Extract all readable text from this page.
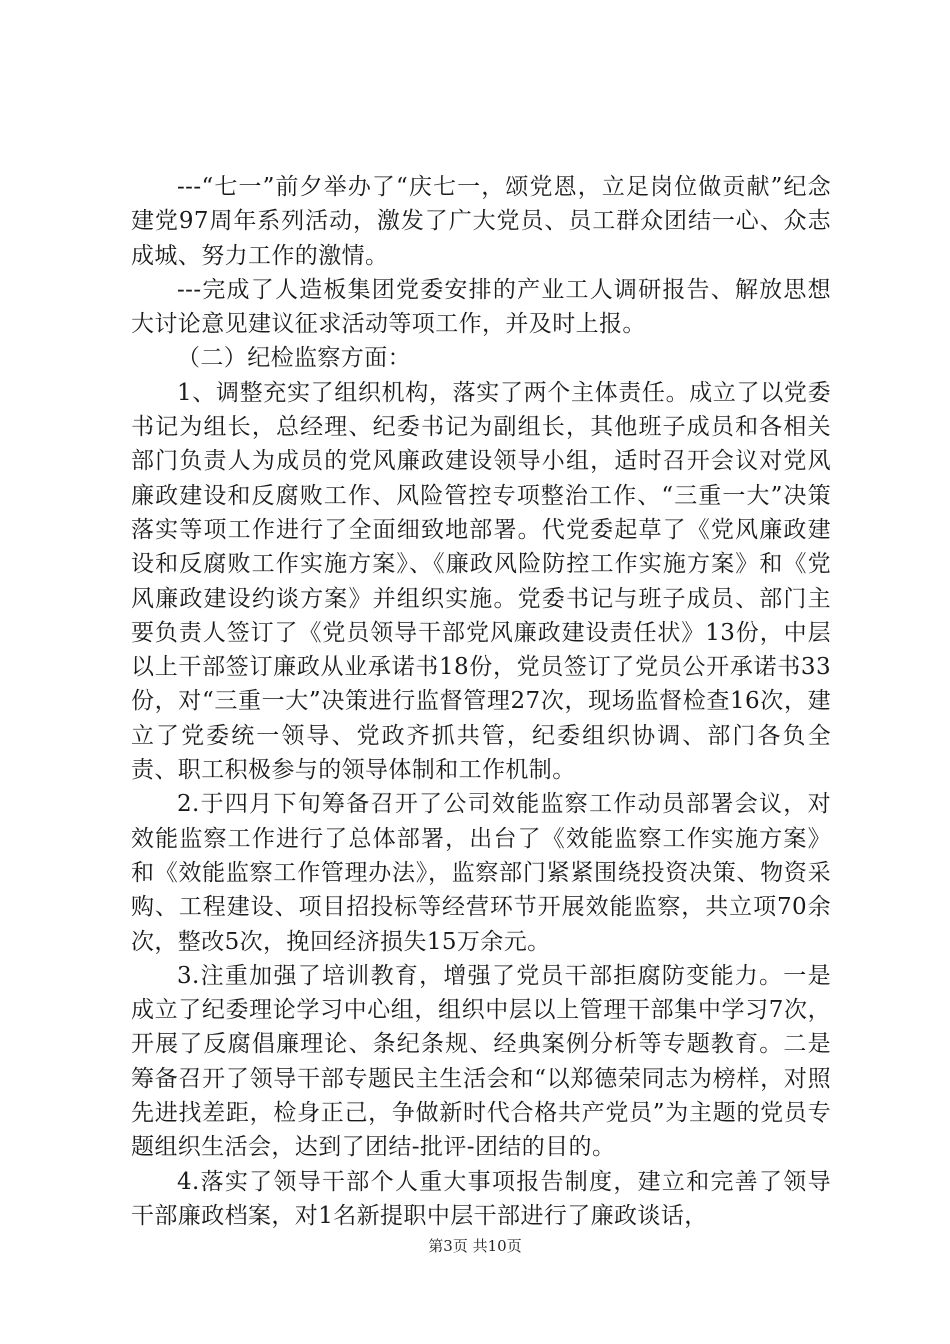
---“七一”前夕举办了“庆七一，颂党恩，立足岗位做贡献”纪念建党97周年系列活动，激发了广大党员、员工群众团结一心、众志成城、努力工作的激情。

---完成了人造板集团党委安排的产业工人调研报告、解放思想大讨论意见建议征求活动等项工作，并及时上报。

（二）纪检监察方面：

1、调整充实了组织机构，落实了两个主体责任。成立了以党委书记为组长，总经理、纪委书记为副组长，其他班子成员和各相关部门负责人为成员的党风廉政建设领导小组，适时召开会议对党风廉政建设和反腐败工作、风险管控专项整治工作、“三重一大”决策落实等项工作进行了全面细致地部署。代党委起草了《党风廉政建设和反腐败工作实施方案》、《廉政风险防控工作实施方案》和《党风廉政建设约谈方案》并组织实施。党委书记与班子成员、部门主要负责人签订了《党员领导干部党风廉政建设责任状》13份，中层以上干部签订廉政从业承诺书18份，党员签订了党员公开承诺书33份，对“三重一大”决策进行监督管理27次，现场监督检查16次，建立了党委统一领导、党政齐抓共管，纪委组织协调、部门各负全责、职工积极参与的领导体制和工作机制。

2.于四月下旬筹备召开了公司效能监察工作动员部署会议，对效能监察工作进行了总体部署，出台了《效能监察工作实施方案》和《效能监察工作管理办法》，监察部门紧紧围绕投资决策、物资采购、工程建设、项目招投标等经营环节开展效能监察，共立项70余次，整改5次，挽回经济损失15万余元。

3.注重加强了培训教育，增强了党员干部拒腐防变能力。一是成立了纪委理论学习中心组，组织中层以上管理干部集中学习7次，开展了反腐倡廉理论、条纪条规、经典案例分析等专题教育。二是筹备召开了领导干部专题民主生活会和“以郑德荣同志为榜样，对照先进找差距，检身正己，争做新时代合格共产党员”为主题的党员专题组织生活会，达到了团结-批评-团结的目的。

4.落实了领导干部个人重大事项报告制度，建立和完善了领导干部廉政档案，对1名新提职中层干部进行了廉政谈话，

第3页 共10页
